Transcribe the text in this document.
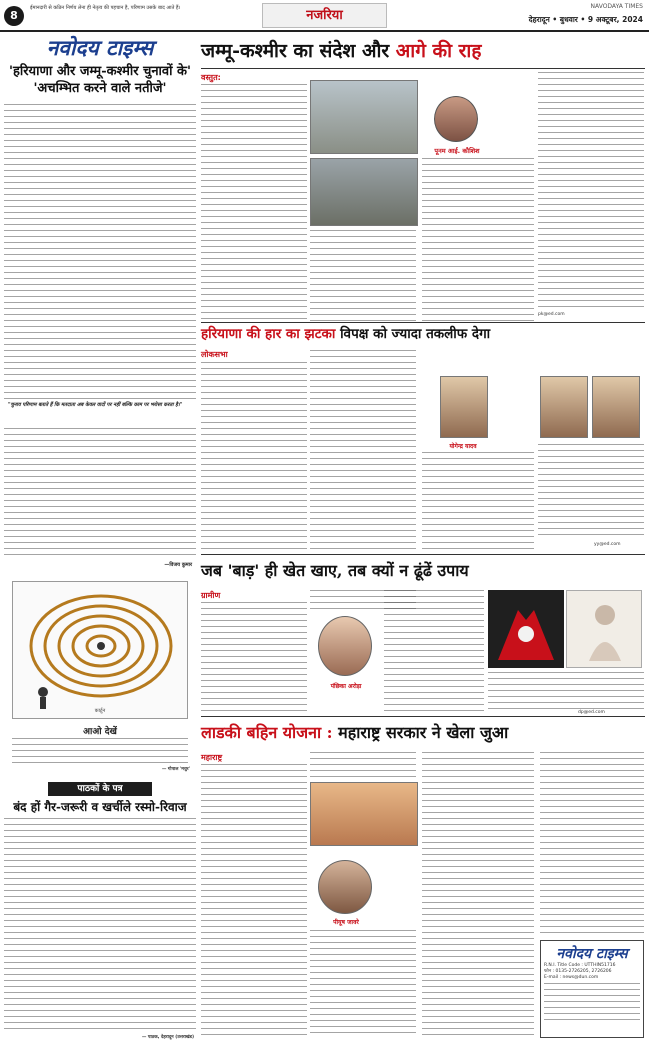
8
ईमानदारी से कठिन निर्णय लेना ही नेतृत्व की पहचान है, परिणाम उसके बाद आते हैं।	नजरिया
NAVODAYA TIMES
देहरादून • बुधवार • 9 अक्टूबर, 2024
नवोदय टाइम्स
'हरियाणा और जम्मू-कश्मीर चुनावों के' 'अचम्भित करने वाले नतीजे'
"चुनाव परिणाम बताते हैं कि मतदाता अब केवल वादों पर नहीं बल्कि काम पर भरोसा करता है।"
—विजय कुमार
कार्टून
आओ देखें
— गोपाल 'मधुर'
पाठकों के पत्र
बंद हों गैर-जरूरी व खर्चीले रस्मो-रिवाज
— पाठक, देहरादून (उत्तराखंड)
जम्मू-कश्मीर का संदेश और आगे की राह
वस्तुत:
पूनम आई. कौशिश
pk@ed.com
हरियाणा की हार का झटका विपक्ष को ज्यादा तकलीफ देगा
लोकसभा
योगेन्द्र यादव
yy@ed.com
जब 'बाड़' ही खेत खाए, तब क्यों न ढूंढें उपाय
ग्रामीण
पंछिका अरोड़ा
dp@ed.com
लाडकी बहिन योजना : महाराष्ट्र सरकार ने खेला जुआ
महाराष्ट्र
पीयूष जावरे
नवोदय टाइम्स
R.N.I. Title Code : UTTHIN51716
फोन : 0135-2726205, 2726206
E-mail : news@dun.com
